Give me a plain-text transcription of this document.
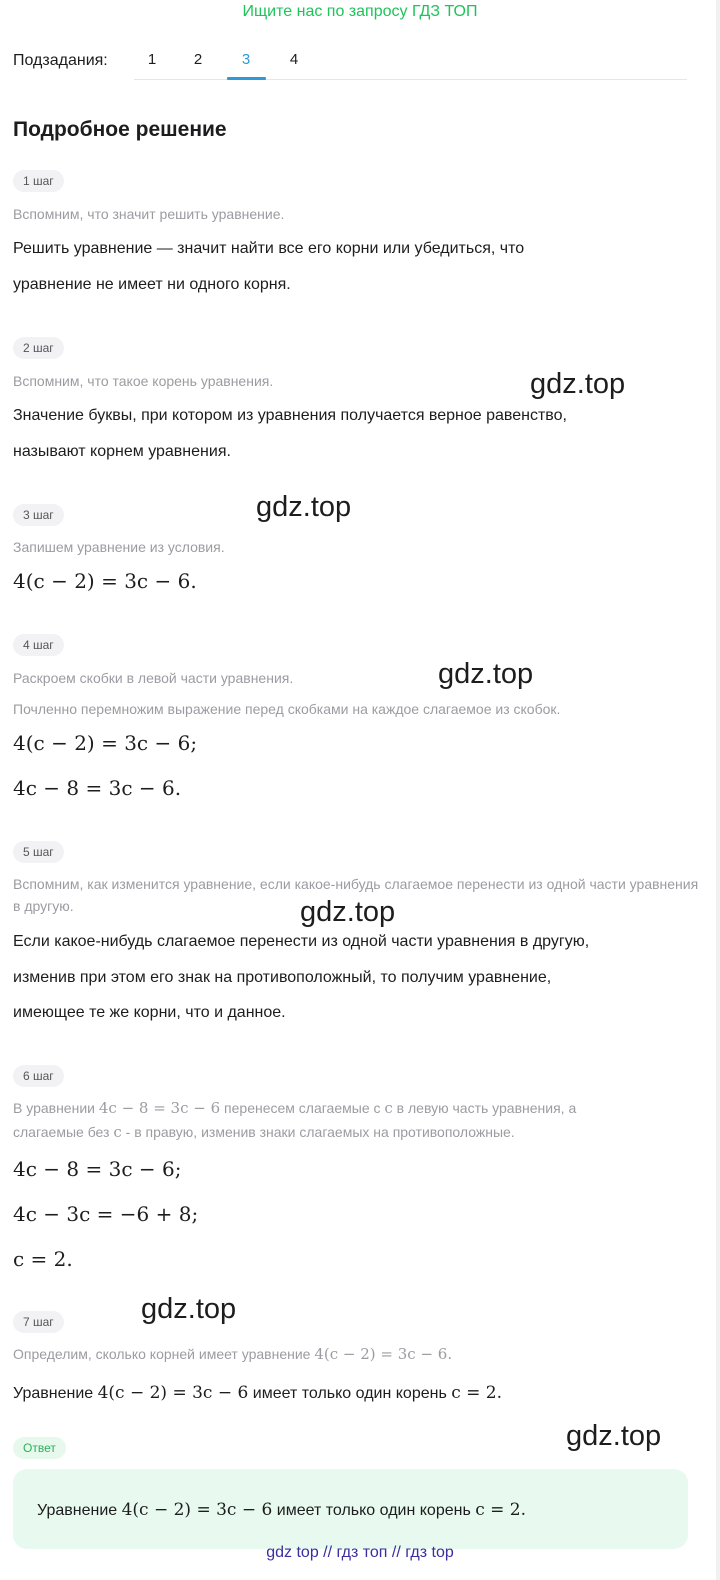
Ищите нас по запросу ГДЗ ТОП
Подзадания:	1	2	3	4
Подробное решение
1 шаг
Вспомним, что значит решить уравнение.
Решить уравнение — значит найти все его корни или убедиться, что
уравнение не имеет ни одного корня.
2 шаг
Вспомним, что такое корень уравнения.
Значение буквы, при котором из уравнения получается верное равенство,
называют корнем уравнения.
3 шаг
Запишем уравнение из условия.
4(c − 2) = 3c − 6.
4 шаг
Раскроем скобки в левой части уравнения.
Почленно перемножим выражение перед скобками на каждое слагаемое из скобок.
4(c − 2) = 3c − 6;
4c − 8 = 3c − 6.
5 шаг
Вспомним, как изменится уравнение, если какое-нибудь слагаемое перенести из одной части уравнения в другую.
Если какое-нибудь слагаемое перенести из одной части уравнения в другую,
изменив при этом его знак на противоположный, то получим уравнение,
имеющее те же корни, что и данное.
6 шаг
В уравнении 4c − 8 = 3c − 6 перенесем слагаемые с c в левую часть уравнения, а
слагаемые без c - в правую, изменив знаки слагаемых на противоположные.
4c − 8 = 3c − 6;
4c − 3c = −6 + 8;
c = 2.
7 шаг
Определим, сколько корней имеет уравнение 4(c − 2) = 3c − 6.
Уравнение 4(c − 2) = 3c − 6 имеет только один корень c = 2.
Ответ
Уравнение 4(c − 2) = 3c − 6 имеет только один корень c = 2.
gdz.top
gdz.top
gdz.top
gdz.top
gdz.top
gdz.top
gdz top // гдз топ // гдз top
